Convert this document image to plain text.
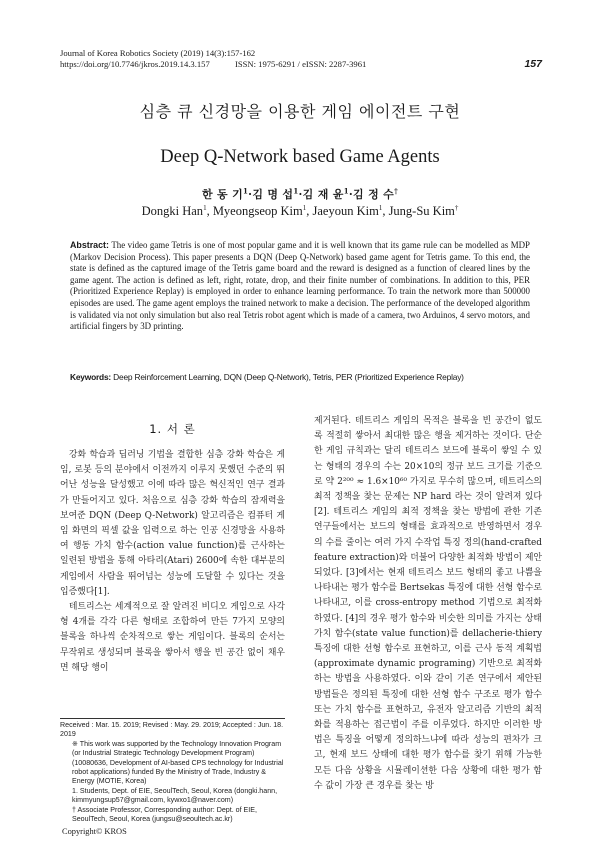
Journal of Korea Robotics Society (2019) 14(3):157-162
https://doi.org/10.7746/jkros.2019.14.3.157	ISSN: 1975-6291 / eISSN: 2287-3961	157
심층 큐 신경망을 이용한 게임 에이전트 구현
Deep Q-Network based Game Agents
한 동 기$^1$·김 명 섭$^1$·김 재 윤$^1$·김 정 수†
Dongki Han$^1$, Myeongseop Kim$^1$, Jaeyoun Kim$^1$, Jung-Su Kim†
Abstract: The video game Tetris is one of most popular game and it is well known that its game rule can be modelled as MDP (Markov Decision Process). This paper presents a DQN (Deep Q-Network) based game agent for Tetris game. To this end, the state is defined as the captured image of the Tetris game board and the reward is designed as a function of cleared lines by the game agent. The action is defined as left, right, rotate, drop, and their finite number of combinations. In addition to this, PER (Prioritized Experience Replay) is employed in order to enhance learning performance. To train the network more than 500000 episodes are used. The game agent employs the trained network to make a decision. The performance of the developed algorithm is validated via not only simulation but also real Tetris robot agent which is made of a camera, two Arduinos, 4 servo motors, and artificial fingers by 3D printing.
Keywords: Deep Reinforcement Learning, DQN (Deep Q-Network), Tetris, PER (Prioritized Experience Replay)
1. 서 론

강화 학습과 딥러닝 기법을 결합한 심층 강화 학습은 게임, 로봇 등의 분야에서 이전까지 이루지 못했던 수준의 뛰어난 성능을 달성했고 이에 따라 많은 혁신적인 연구 결과가 만들어지고 있다. 처음으로 심층 강화 학습의 잠재력을 보여준 DQN (Deep Q-Network) 알고리즘은 컴퓨터 게임 화면의 픽셀 값을 입력으로 하는 인공 신경망을 사용하여 행동 가치 함수(action value function)를 근사하는 일련된 방법을 통해 아타리(Atari) 2600에 속한 대부분의 게임에서 사람을 뛰어넘는 성능에 도달할 수 있다는 것을 입증했다[1].

테트리스는 세계적으로 잘 알려진 비디오 게임으로 사각형 4개를 각각 다른 형태로 조합하여 만든 7가지 모양의 블록을 하나씩 순차적으로 쌓는 게임이다. 블록의 순서는 무작위로 생성되며 블록을 쌓아서 행을 빈 공간 없이 채우면 해당 행이

제거된다. 테트리스 게임의 목적은 블록을 빈 공간이 없도록 적절히 쌓아서 최대한 많은 행을 제거하는 것이다. 단순한 게임 규칙과는 달리 테트리스 보드에 블록이 쌓일 수 있는 형태의 경우의 수는 20×10의 정규 보드 크기를 기준으로 약 2²⁰⁰ ≈ 1.6×10⁶⁰ 가지로 무수히 많으며, 테트리스의 최적 정책을 찾는 문제는 NP hard 라는 것이 알려져 있다[2]. 테트리스 게임의 최적 정책을 찾는 방법에 관한 기존 연구들에서는 보드의 형태를 효과적으로 반영하면서 경우의 수를 줄이는 여러 가지 수작업 특징 정의(hand-crafted feature extraction)와 더불어 다양한 최적화 방법이 제안되었다. [3]에서는 현재 테트리스 보드 형태의 좋고 나쁨을 나타내는 평가 함수를 Bertsekas 특징에 대한 선형 함수로 나타내고, 이를 cross-entropy method 기법으로 최적화하였다. [4]의 경우 평가 함수와 비슷한 의미를 가지는 상태 가치 함수(state value function)를 dellacherie-thiery 특징에 대한 선형 함수로 표현하고, 이를 근사 동적 계획법(approximate dynamic programing) 기반으로 최적화하는 방법을 사용하였다. 이와 같이 기존 연구에서 제안된 방법들은 정의된 특징에 대한 선형 함수 구조로 평가 함수 또는 가치 함수를 표현하고, 유전자 알고리즘 기반의 최적화를 적용하는 접근법이 주를 이루었다. 하지만 이러한 방법은 특징을 어떻게 정의하느냐에 따라 성능의 편차가 크고, 현재 보드 상태에 대한 평가 함수를 찾기 위해 가능한 모든 다음 상황을 시뮬레이션한 다음 상황에 대한 평가 함수 값이 가장 큰 경우를 찾는 방

Received : Mar. 15. 2019; Revised : May. 29. 2019; Accepted : Jun. 18. 2019
※ This work was supported by the Technology Innovation Program (or Industrial Strategic Technology Development Program) (10080636, Development of AI-based CPS technology for Industrial robot applications) funded By the Ministry of Trade, Industry & Energy (MOTIE, Korea)
1. Students, Dept. of EIE, SeoulTech, Seoul, Korea (dongki.hann, kimmyungsup57@gmail.com, kywxo1@naver.com)
† Associate Professor, Corresponding author: Dept. of EIE, SeoulTech, Seoul, Korea (jungsu@seoultech.ac.kr)
Copyright© KROS
